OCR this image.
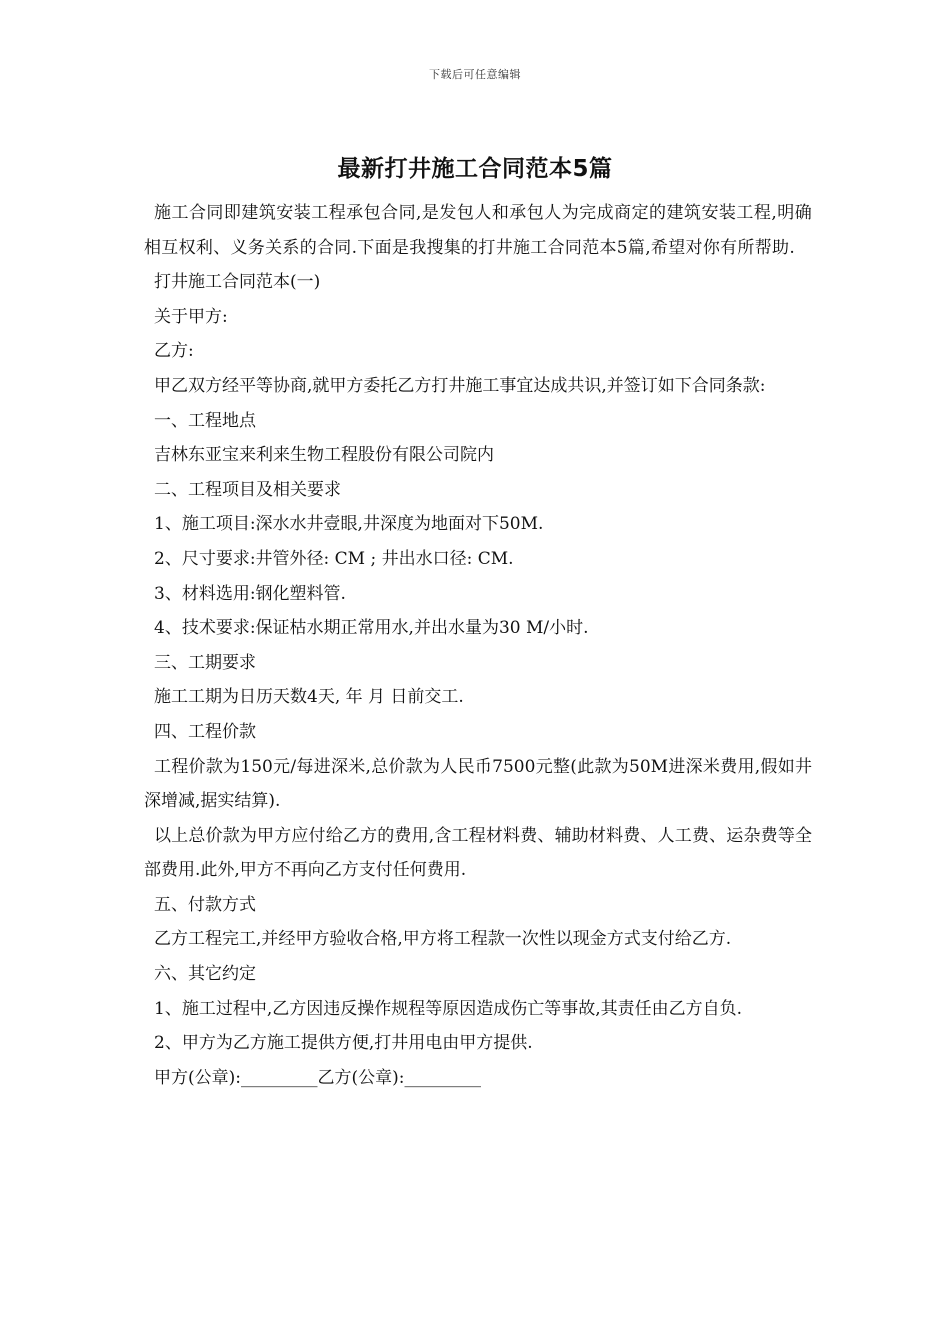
下载后可任意编辑
最新打井施工合同范本5篇

施工合同即建筑安装工程承包合同,是发包人和承包人为完成商定的建筑安装工程,明确相互权利、义务关系的合同.下面是我搜集的打井施工合同范本5篇,希望对你有所帮助.

打井施工合同范本(一)

关于甲方:

乙方:

甲乙双方经平等协商,就甲方委托乙方打井施工事宜达成共识,并签订如下合同条款:

一、工程地点

吉林东亚宝来利来生物工程股份有限公司院内

二、工程项目及相关要求

1、施工项目:深水水井壹眼,井深度为地面对下50M.

2、尺寸要求:井管外径: CM ; 井出水口径: CM.

3、材料选用:钢化塑料管.

4、技术要求:保证枯水期正常用水,并出水量为30 M/小时.

三、工期要求

施工工期为日历天数4天, 年 月 日前交工.

四、工程价款

工程价款为150元/每进深米,总价款为人民币7500元整(此款为50M进深米费用,假如井深增减,据实结算).

以上总价款为甲方应付给乙方的费用,含工程材料费、辅助材料费、人工费、运杂费等全部费用.此外,甲方不再向乙方支付任何费用.

五、付款方式

乙方工程完工,并经甲方验收合格,甲方将工程款一次性以现金方式支付给乙方.

六、其它约定

1、施工过程中,乙方因违反操作规程等原因造成伤亡等事故,其责任由乙方自负.

2、甲方为乙方施工提供方便,打井用电由甲方提供.

甲方(公章):_________乙方(公章):_________
